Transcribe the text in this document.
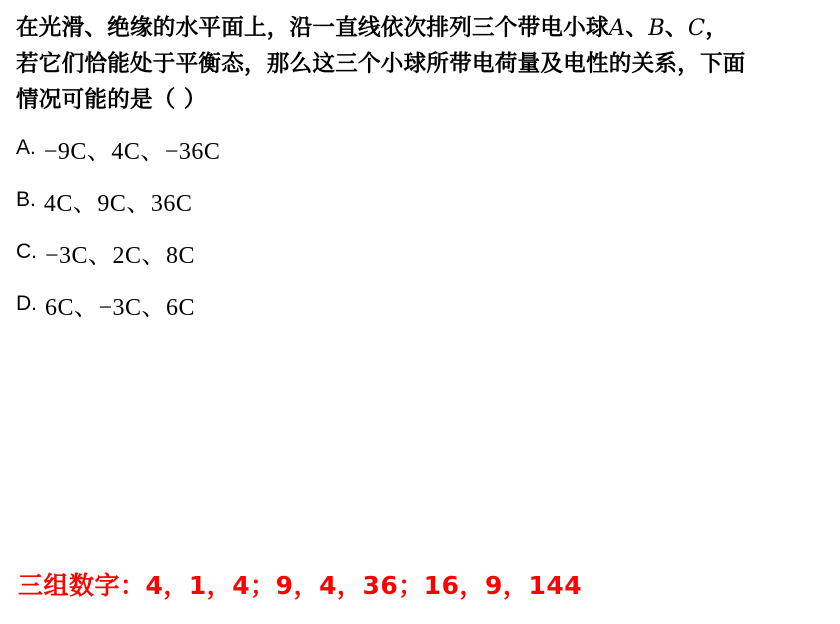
在光滑、绝缘的水平面上，沿一直线依次排列三个带电小球A、B、C，
若它们恰能处于平衡态，那么这三个小球所带电荷量及电性的关系，下面
情况可能的是（ ）
A. −9C、4C、−36C
B. 4C、9C、36C
C. −3C、2C、8C
D. 6C、−3C、6C
三组数字：4，1，4；9，4，36；16，9，144
